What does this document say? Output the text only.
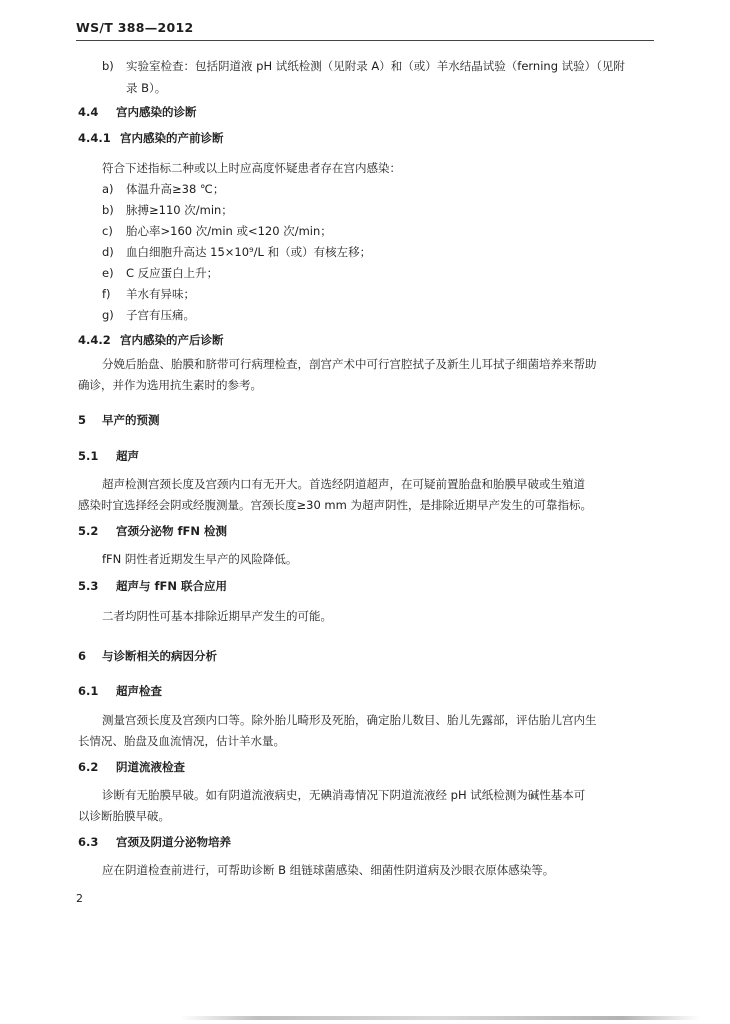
WS/T 388—2012
b) 实验室检查：包括阴道液 pH 试纸检测（见附录 A）和（或）羊水结晶试验（ferning 试验）（见附
录 B）。
4.4 宫内感染的诊断
4.4.1 宫内感染的产前诊断
符合下述指标二种或以上时应高度怀疑患者存在宫内感染：
a) 体温升高≥38 ℃；
b) 脉搏≥110 次/min；
c) 胎心率>160 次/min 或<120 次/min；
d) 血白细胞升高达 15×10⁹/L 和（或）有核左移；
e) C 反应蛋白上升；
f) 羊水有异味；
g) 子宫有压痛。
4.4.2 宫内感染的产后诊断
分娩后胎盘、胎膜和脐带可行病理检查，剖宫产术中可行宫腔拭子及新生儿耳拭子细菌培养来帮助
确诊，并作为选用抗生素时的参考。
5 早产的预测
5.1 超声
超声检测宫颈长度及宫颈内口有无开大。首选经阴道超声，在可疑前置胎盘和胎膜早破或生殖道
感染时宜选择经会阴或经腹测量。宫颈长度≥30 mm 为超声阴性，是排除近期早产发生的可靠指标。
5.2 宫颈分泌物 fFN 检测
fFN 阴性者近期发生早产的风险降低。
5.3 超声与 fFN 联合应用
二者均阴性可基本排除近期早产发生的可能。
6 与诊断相关的病因分析
6.1 超声检查
测量宫颈长度及宫颈内口等。除外胎儿畸形及死胎，确定胎儿数目、胎儿先露部，评估胎儿宫内生
长情况、胎盘及血流情况，估计羊水量。
6.2 阴道流液检查
诊断有无胎膜早破。如有阴道流液病史，无碘消毒情况下阴道流液经 pH 试纸检测为碱性基本可
以诊断胎膜早破。
6.3 宫颈及阴道分泌物培养
应在阴道检查前进行，可帮助诊断 B 组链球菌感染、细菌性阴道病及沙眼衣原体感染等。
2
